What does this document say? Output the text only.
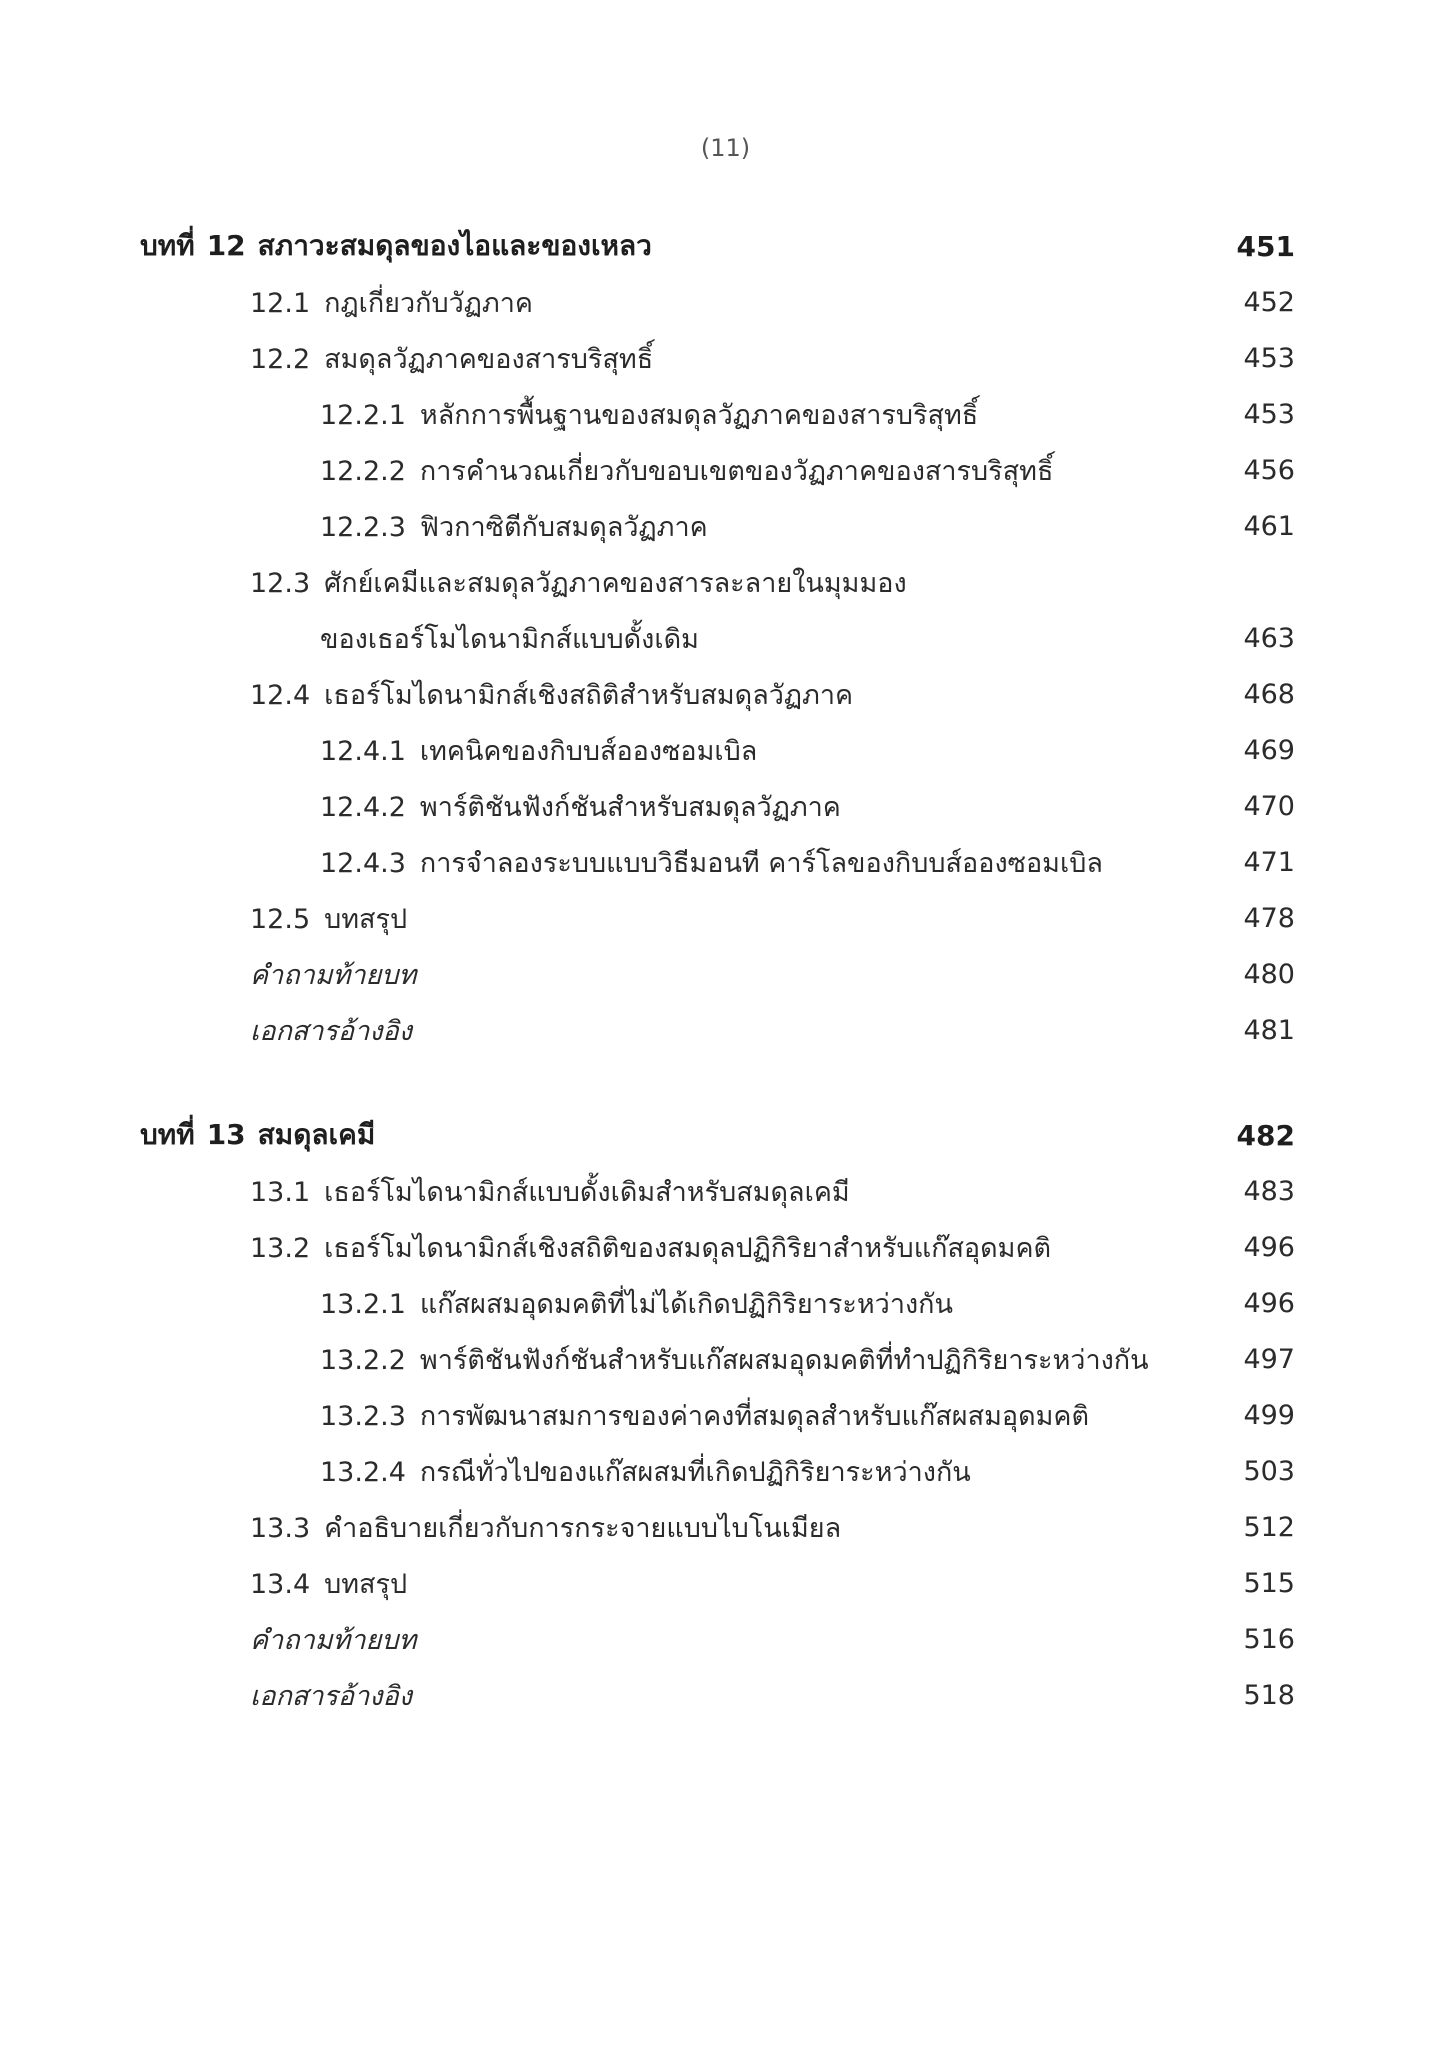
(11)
บทที่ 12 สภาวะสมดุลของไอและของเหลว	451
12.1 กฎเกี่ยวกับวัฏภาค	452
12.2 สมดุลวัฏภาคของสารบริสุทธิ์	453
12.2.1 หลักการพื้นฐานของสมดุลวัฏภาคของสารบริสุทธิ์	453
12.2.2 การคำนวณเกี่ยวกับขอบเขตของวัฏภาคของสารบริสุทธิ์	456
12.2.3 ฟิวกาซิตีกับสมดุลวัฏภาค	461
12.3 ศักย์เคมีและสมดุลวัฏภาคของสารละลายในมุมมอง
ของเธอร์โมไดนามิกส์แบบดั้งเดิม	463
12.4 เธอร์โมไดนามิกส์เชิงสถิติสำหรับสมดุลวัฏภาค	468
12.4.1 เทคนิคของกิบบส์อองซอมเบิล	469
12.4.2 พาร์ติชันฟังก์ชันสำหรับสมดุลวัฏภาค	470
12.4.3 การจำลองระบบแบบวิธีมอนที คาร์โลของกิบบส์อองซอมเบิล	471
12.5 บทสรุป	478
คำถามท้ายบท	480
เอกสารอ้างอิง	481
บทที่ 13 สมดุลเคมี	482
13.1 เธอร์โมไดนามิกส์แบบดั้งเดิมสำหรับสมดุลเคมี	483
13.2 เธอร์โมไดนามิกส์เชิงสถิติของสมดุลปฏิกิริยาสำหรับแก๊สอุดมคติ	496
13.2.1 แก๊สผสมอุดมคติที่ไม่ได้เกิดปฏิกิริยาระหว่างกัน	496
13.2.2 พาร์ติชันฟังก์ชันสำหรับแก๊สผสมอุดมคติที่ทำปฏิกิริยาระหว่างกัน	497
13.2.3 การพัฒนาสมการของค่าคงที่สมดุลสำหรับแก๊สผสมอุดมคติ	499
13.2.4 กรณีทั่วไปของแก๊สผสมที่เกิดปฏิกิริยาระหว่างกัน	503
13.3 คำอธิบายเกี่ยวกับการกระจายแบบไบโนเมียล	512
13.4 บทสรุป	515
คำถามท้ายบท	516
เอกสารอ้างอิง	518
